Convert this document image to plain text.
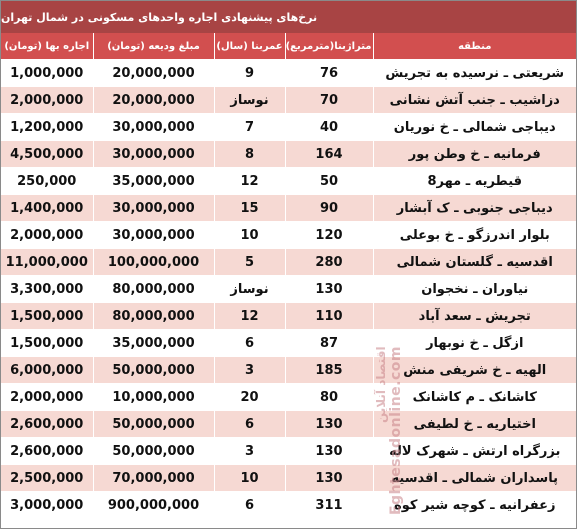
نرخ‌های پیشنهادی اجاره واحدهای مسکونی در شمال تهران
اجاره بها (تومان)	مبلغ ودیعه (تومان)	عمربنا (سال)	متراژ‌بنا(مترمربع)	منطقه
1,000,000	20,000,000	9	76	شریعتی ـ نرسیده به تجریش
2,000,000	20,000,000	نوساز	70	دزاشیب ـ جنب آتش نشانی
1,200,000	30,000,000	7	40	دیباجی شمالی ـ خ نوریان
4,500,000	30,000,000	8	164	فرمانیه ـ خ وطن پور
250,000	35,000,000	12	50	قیطریه ـ مهر8
1,400,000	30,000,000	15	90	دیباجی جنوبی ـ ک آبشار
2,000,000	30,000,000	10	120	بلوار اندرزگو ـ خ بوعلی
11,000,000	100,000,000	5	280	اقدسیه ـ گلستان شمالی
3,300,000	80,000,000	نوساز	130	نیاوران ـ نخجوان
1,500,000	80,000,000	12	110	تجریش ـ سعد آباد
1,500,000	35,000,000	6	87	ازگل ـ خ نوبهار
6,000,000	50,000,000	3	185	الهیه ـ خ شریفی منش
2,000,000	10,000,000	20	80	کاشانک ـ م کاشانک
2,600,000	50,000,000	6	130	اختیاریه ـ خ لطیفی
2,600,000	50,000,000	3	130	بزرگراه ارتش ـ شهرک لاله
2,500,000	70,000,000	10	130	پاسداران شمالی ـ اقدسیه
3,000,000	900,000,000	6	311	زعفرانیه ـ کوچه شیر کوه
اقتصاد آنلاین Eghtesadonline.com
